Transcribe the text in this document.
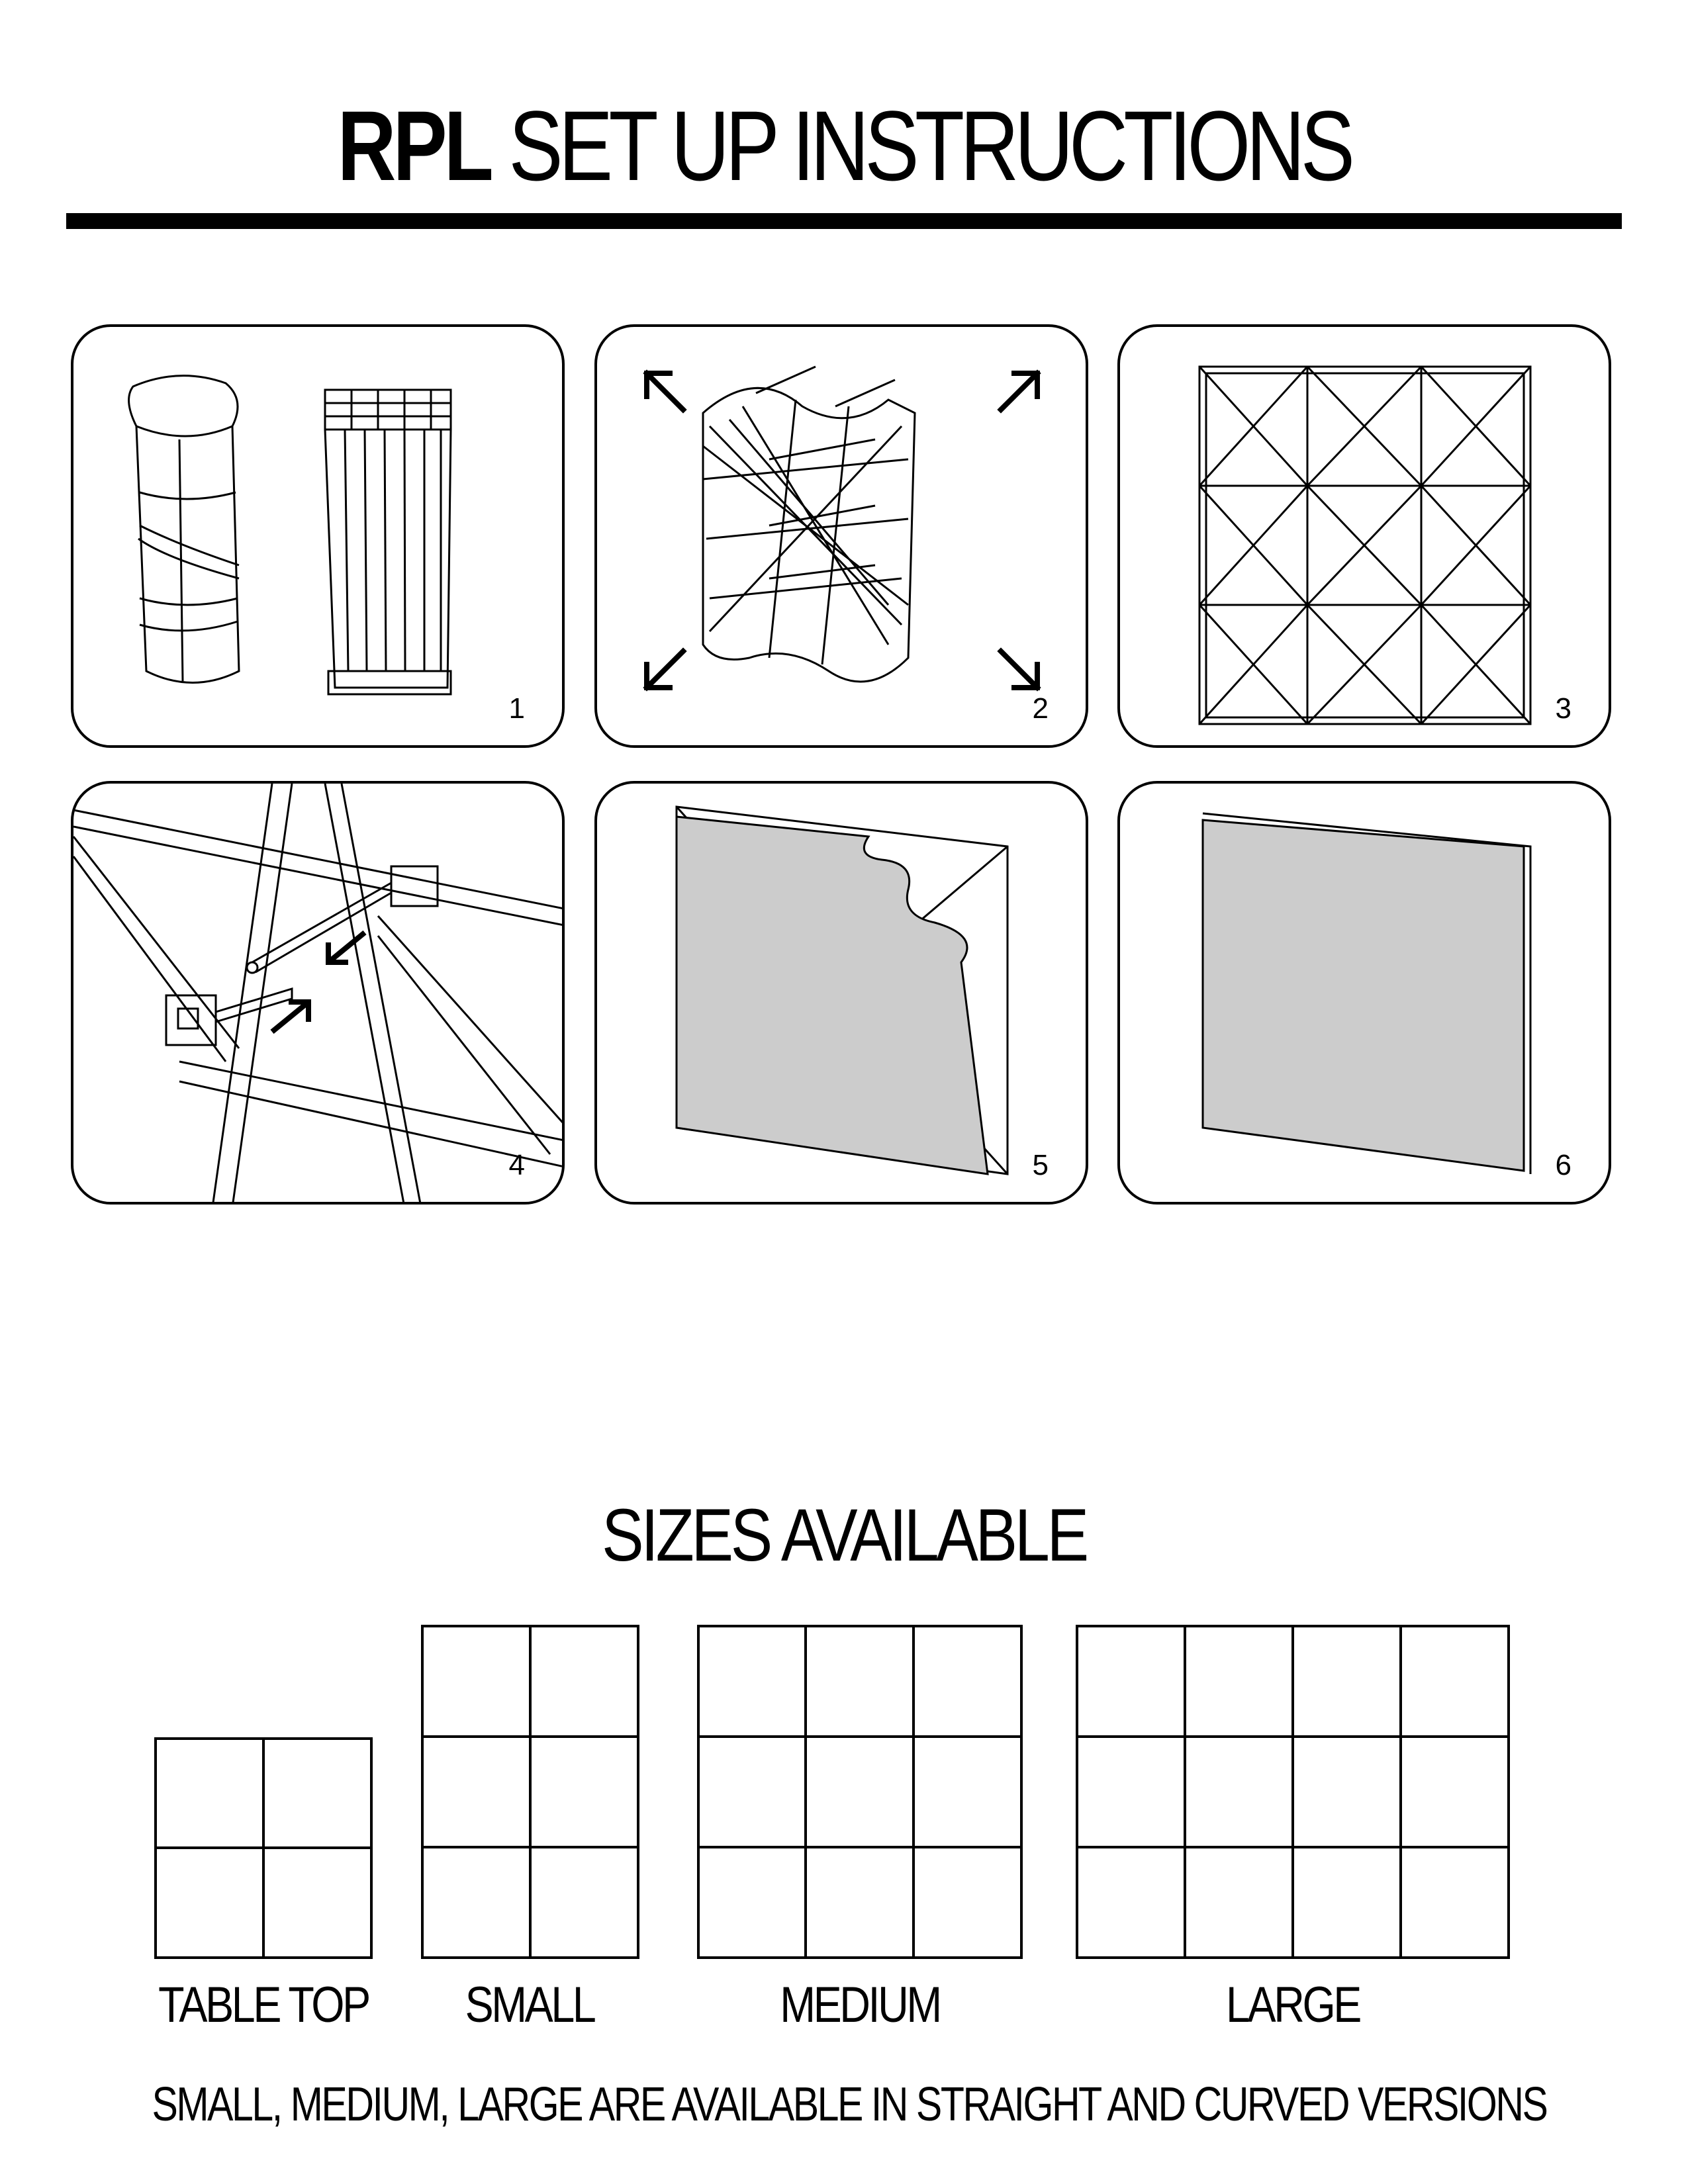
RPL SET UP INSTRUCTIONS
1	2	3
4	5	6
SIZES AVAILABLE
TABLE TOP	SMALL	MEDIUM	LARGE
SMALL, MEDIUM, LARGE ARE AVAILABLE IN STRAIGHT AND CURVED VERSIONS
